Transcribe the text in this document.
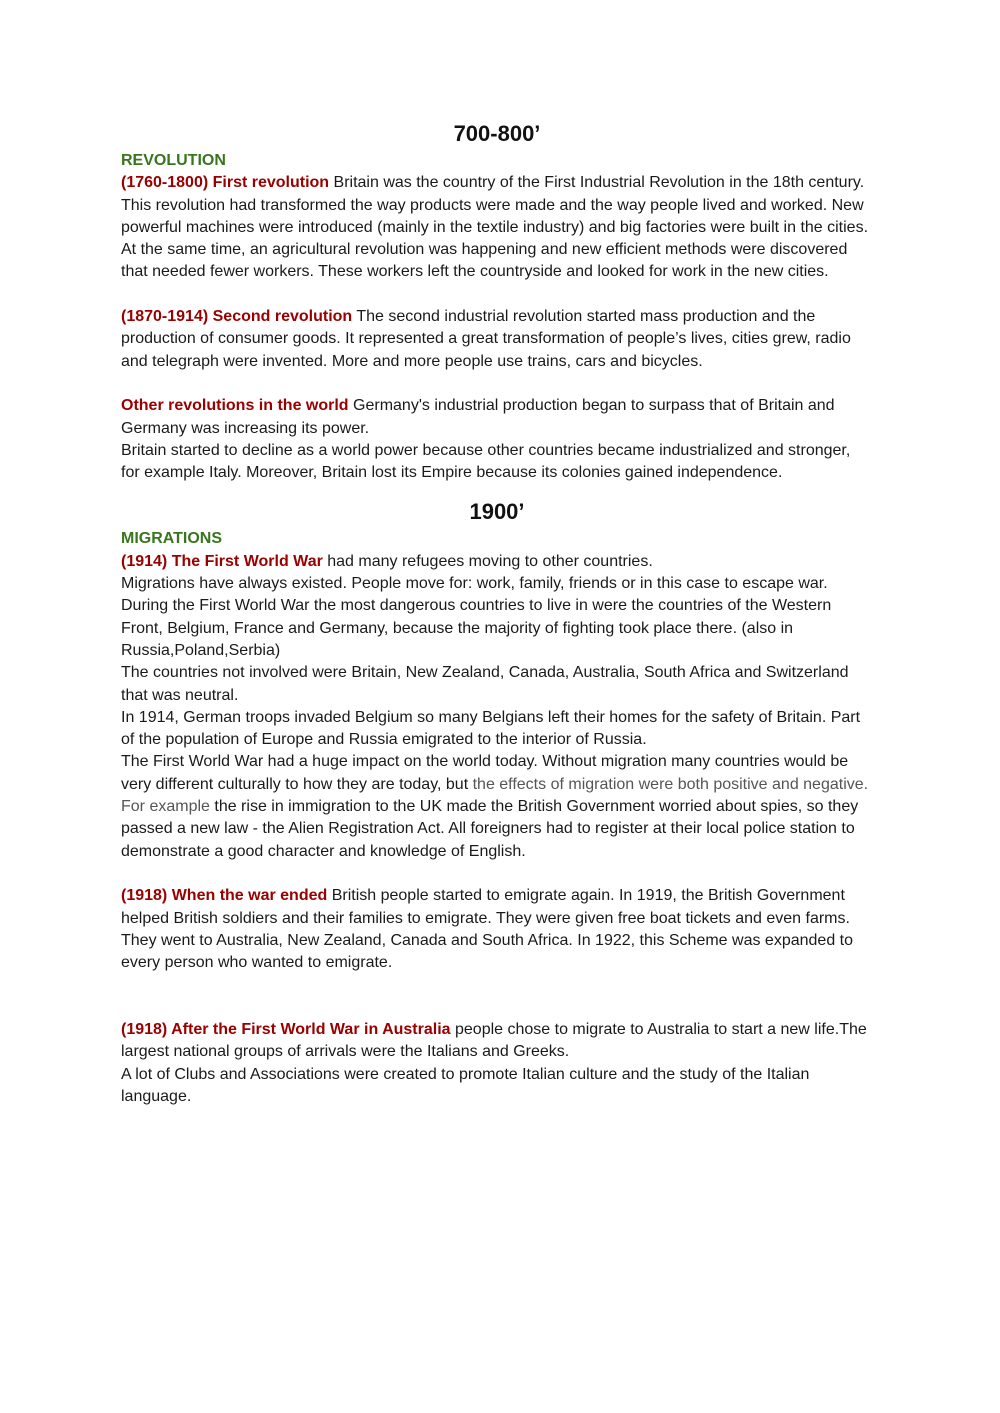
700-800’

REVOLUTION

(1760-1800) First revolution Britain was the country of the First Industrial Revolution in the 18th century.

This revolution had transformed the way products were made and the way people lived and worked. New powerful machines were introduced (mainly in the textile industry) and big factories were built in the cities.

At the same time, an agricultural revolution was happening and new efficient methods were discovered that needed fewer workers. These workers left the countryside and looked for work in the new cities.

(1870-1914) Second revolution The second industrial revolution started mass production and the production of consumer goods. It represented a great transformation of people’s lives, cities grew, radio and telegraph were invented. More and more people use trains, cars and bicycles.

Other revolutions in the world Germany's industrial production began to surpass that of Britain and Germany was increasing its power.

Britain started to decline as a world power because other countries became industrialized and stronger, for example Italy. Moreover, Britain lost its Empire because its colonies gained independence.

1900’

MIGRATIONS

(1914) The First World War had many refugees moving to other countries.

Migrations have always existed. People move for: work, family, friends or in this case to escape war. During the First World War the most dangerous countries to live in were the countries of the Western Front, Belgium, France and Germany, because the majority of fighting took place there. (also in Russia,Poland,Serbia)

The countries not involved were Britain, New Zealand, Canada, Australia, South Africa and Switzerland that was neutral.

In 1914, German troops invaded Belgium so many Belgians left their homes for the safety of Britain. Part of the population of Europe and Russia emigrated to the interior of Russia.

The First World War had a huge impact on the world today. Without migration many countries would be very different culturally to how they are today, but the effects of migration were both positive and negative. For example the rise in immigration to the UK made the British Government worried about spies, so they passed a new law - the Alien Registration Act. All foreigners had to register at their local police station to demonstrate a good character and knowledge of English.

(1918) When the war ended British people started to emigrate again. In 1919, the British Government helped British soldiers and their families to emigrate. They were given free boat tickets and even farms. They went to Australia, New Zealand, Canada and South Africa. In 1922, this Scheme was expanded to every person who wanted to emigrate.

(1918) After the First World War in Australia people chose to migrate to Australia to start a new life.The largest national groups of arrivals were the Italians and Greeks.

A lot of Clubs and Associations were created to promote Italian culture and the study of the Italian language.
